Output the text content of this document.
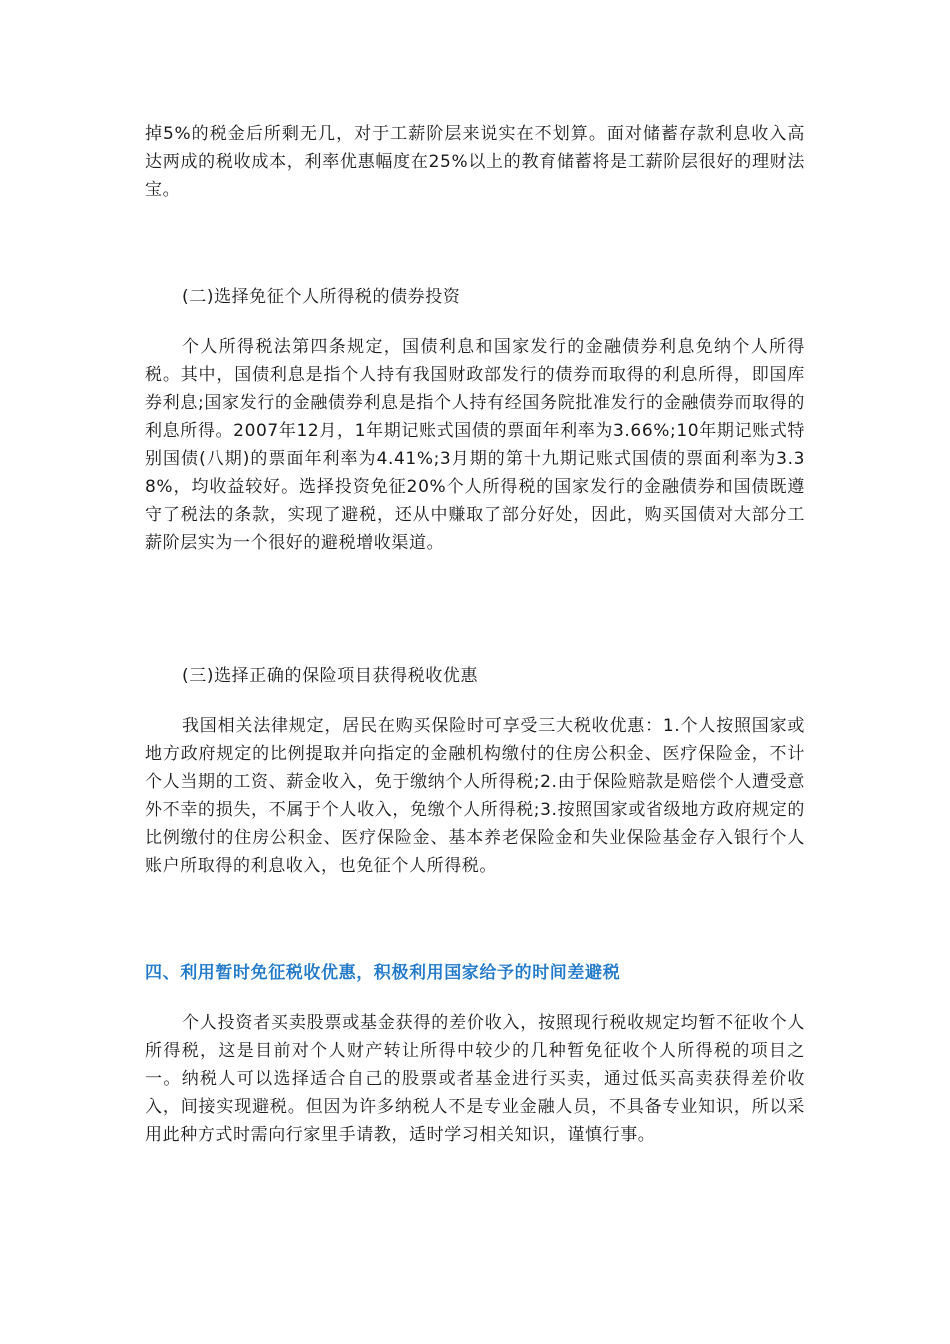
掉5%的税金后所剩无几，对于工薪阶层来说实在不划算。面对储蓄存款利息收入高达两成的税收成本，利率优惠幅度在25%以上的教育储蓄将是工薪阶层很好的理财法宝。

(二)选择免征个人所得税的债券投资

个人所得税法第四条规定，国债利息和国家发行的金融债券利息免纳个人所得税。其中，国债利息是指个人持有我国财政部发行的债券而取得的利息所得，即国库券利息;国家发行的金融债券利息是指个人持有经国务院批准发行的金融债券而取得的利息所得。2007年12月，1年期记账式国债的票面年利率为3.66%;10年期记账式特别国债(八期)的票面年利率为4.41%;3月期的第十九期记账式国债的票面利率为3.38%，均收益较好。选择投资免征20%个人所得税的国家发行的金融债券和国债既遵守了税法的条款，实现了避税，还从中赚取了部分好处，因此，购买国债对大部分工薪阶层实为一个很好的避税增收渠道。

(三)选择正确的保险项目获得税收优惠

我国相关法律规定，居民在购买保险时可享受三大税收优惠：1.个人按照国家或地方政府规定的比例提取并向指定的金融机构缴付的住房公积金、医疗保险金，不计个人当期的工资、薪金收入，免于缴纳个人所得税;2.由于保险赔款是赔偿个人遭受意外不幸的损失，不属于个人收入，免缴个人所得税;3.按照国家或省级地方政府规定的比例缴付的住房公积金、医疗保险金、基本养老保险金和失业保险基金存入银行个人账户所取得的利息收入，也免征个人所得税。

四、利用暂时免征税收优惠，积极利用国家给予的时间差避税

个人投资者买卖股票或基金获得的差价收入，按照现行税收规定均暂不征收个人所得税，这是目前对个人财产转让所得中较少的几种暂免征收个人所得税的项目之一。纳税人可以选择适合自己的股票或者基金进行买卖，通过低买高卖获得差价收入，间接实现避税。但因为许多纳税人不是专业金融人员，不具备专业知识，所以采用此种方式时需向行家里手请教，适时学习相关知识，谨慎行事。
